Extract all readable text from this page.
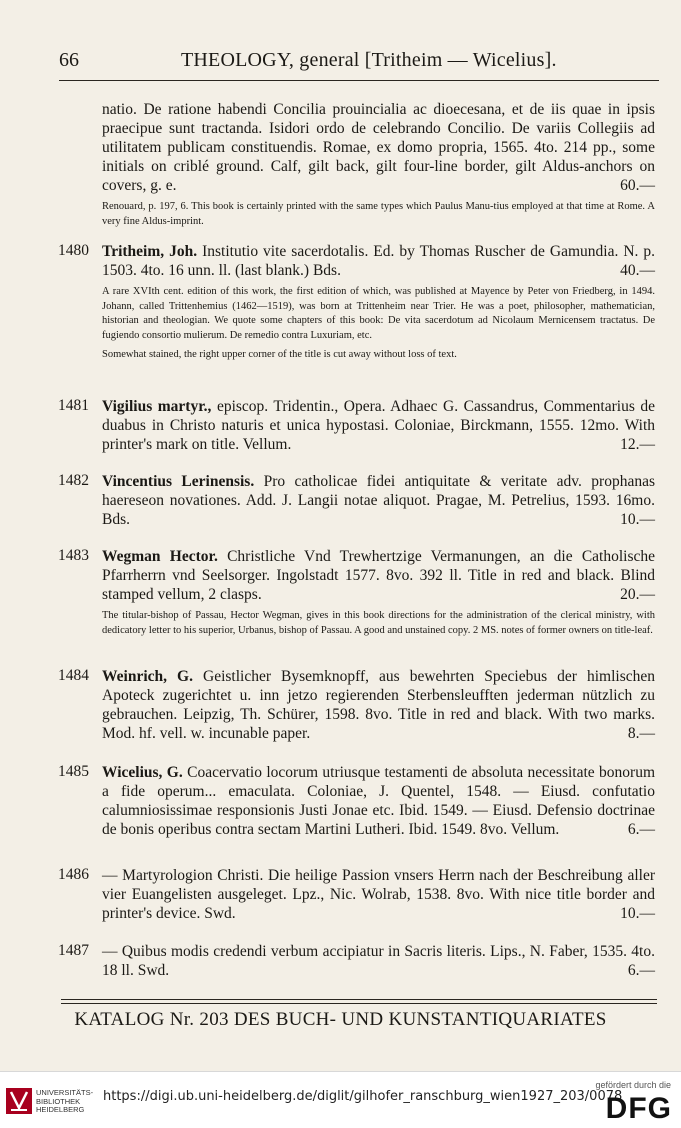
66	THEOLOGY, general [Tritheim — Wicelius].

natio. De ratione habendi Concilia prouincialia ac dioecesana, et de iis quae in ipsis praecipue sunt tractanda. Isidori ordo de celebrando Concilio. De variis Collegiis ad utilitatem publicam constituendis. Romae, ex domo propria, 1565. 4to. 214 pp., some initials on criblé ground. Calf, gilt back, gilt four-line border, gilt Aldus-anchors on covers, g. e.	60.—

Renouard, p. 197, 6. This book is certainly printed with the same types which Paulus Manu-tius employed at that time at Rome. A very fine Aldus-imprint.

1480 Tritheim, Joh. Institutio vite sacerdotalis. Ed. by Thomas Ruscher de Gamundia. N. p. 1503. 4to. 16 unn. ll. (last blank.) Bds.	40.—

A rare XVIth cent. edition of this work, the first edition of which, was published at Mayence by Peter von Friedberg, in 1494. Johann, called Trittenhemius (1462—1519), was born at Trittenheim near Trier. He was a poet, philosopher, mathematician, historian and theologian. We quote some chapters of this book: De vita sacerdotum ad Nicolaum Mernicensem tractatus. De fugiendo consortio mulierum. De remedio contra Luxuriam, etc.

Somewhat stained, the right upper corner of the title is cut away without loss of text.

1481 Vigilius martyr., episcop. Tridentin., Opera. Adhaec G. Cassandrus, Commentarius de duabus in Christo naturis et unica hypostasi. Coloniae, Birckmann, 1555. 12mo. With printer's mark on title. Vellum.	12.—

1482 Vincentius Lerinensis. Pro catholicae fidei antiquitate & veritate adv. prophanas haereseon novationes. Add. J. Langii notae aliquot. Pragae, M. Petrelius, 1593. 16mo. Bds.	10.—

1483 Wegman Hector. Christliche Vnd Trewhertzige Vermanungen, an die Catholische Pfarrherrn vnd Seelsorger. Ingolstadt 1577. 8vo. 392 ll. Title in red and black. Blind stamped vellum, 2 clasps.	20.—

The titular-bishop of Passau, Hector Wegman, gives in this book directions for the administration of the clerical ministry, with dedicatory letter to his superior, Urbanus, bishop of Passau. A good and unstained copy. 2 MS. notes of former owners on title-leaf.

1484 Weinrich, G. Geistlicher Bysemknopff, aus bewehrten Speciebus der himlischen Apoteck zugerichtet u. inn jetzo regierenden Sterbensleufften jederman nützlich zu gebrauchen. Leipzig, Th. Schürer, 1598. 8vo. Title in red and black. With two marks. Mod. hf. vell. w. incunable paper.	8.—

1485 Wicelius, G. Coacervatio locorum utriusque testamenti de absoluta necessitate bonorum a fide operum... emaculata. Coloniae, J. Quentel, 1548. — Eiusd. confutatio calumniosissimae responsionis Justi Jonae etc. Ibid. 1549. — Eiusd. Defensio doctrinae de bonis operibus contra sectam Martini Lutheri. Ibid. 1549. 8vo. Vellum.	6.—

1486 — Martyrologion Christi. Die heilige Passion vnsers Herrn nach der Beschreibung aller vier Euangelisten ausgeleget. Lpz., Nic. Wolrab, 1538. 8vo. With nice title border and printer's device. Swd.	10.—

1487 — Quibus modis credendi verbum accipiatur in Sacris literis. Lips., N. Faber, 1535. 4to. 18 ll. Swd.	6.—

KATALOG Nr. 203 DES BUCH- UND KUNSTANTIQUARIATES
UNIVERSITÄTS-
BIBLIOTHEK
HEIDELBERG
https://digi.ub.uni-heidelberg.de/diglit/gilhofer_ranschburg_wien1927_203/0078
gefördert durch die
DFG
